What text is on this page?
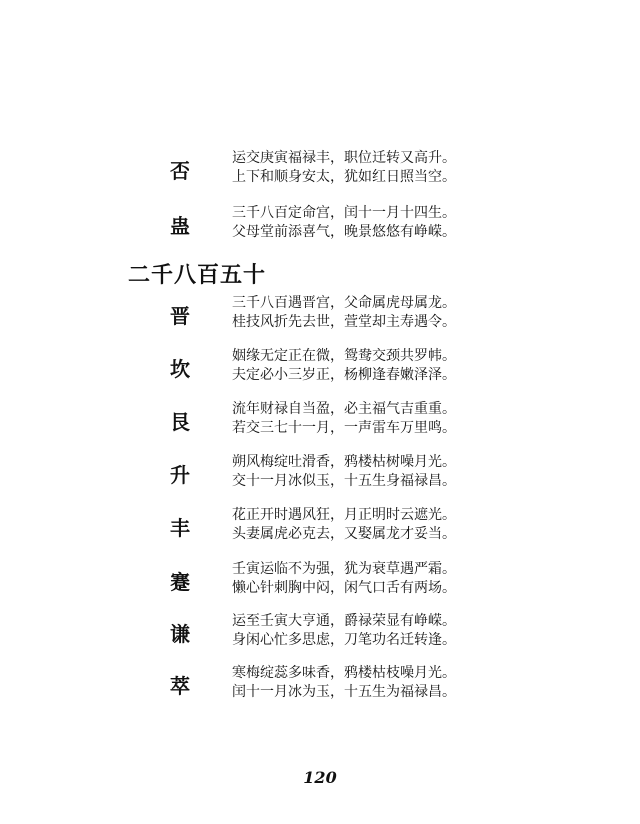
否
运交庚寅福禄丰，职位迁转又高升。
上下和顺身安太，犹如红日照当空。
蛊
三千八百定命宫，闰十一月十四生。
父母堂前添喜气，晚景悠悠有峥嵘。
二千八百五十
晋
三千八百遇晋宫，父命属虎母属龙。
桂技风折先去世，萱堂却主寿遇令。
坎
姻缘无定正在微，鸳鸯交颈共罗帏。
夫定必小三岁正，杨柳逢春嫩泽泽。
艮
流年财禄自当盈，必主福气吉重重。
若交三七十一月，一声雷车万里鸣。
升
朔风梅绽吐滑香，鸦楼枯树噪月光。
交十一月冰似玉，十五生身福禄昌。
丰
花正开时遇风狂，月正明时云遮光。
头妻属虎必克去，又娶属龙才妥当。
蹇
壬寅运临不为强，犹为衰草遇严霜。
懒心针刺胸中闷，闲气口舌有两场。
谦
运至壬寅大亨通，爵禄荣显有峥嵘。
身闲心忙多思虑，刀笔功名迁转逢。
萃
寒梅绽蕊多味香，鸦楼枯枝噪月光。
闰十一月冰为玉，十五生为福禄昌。
120
